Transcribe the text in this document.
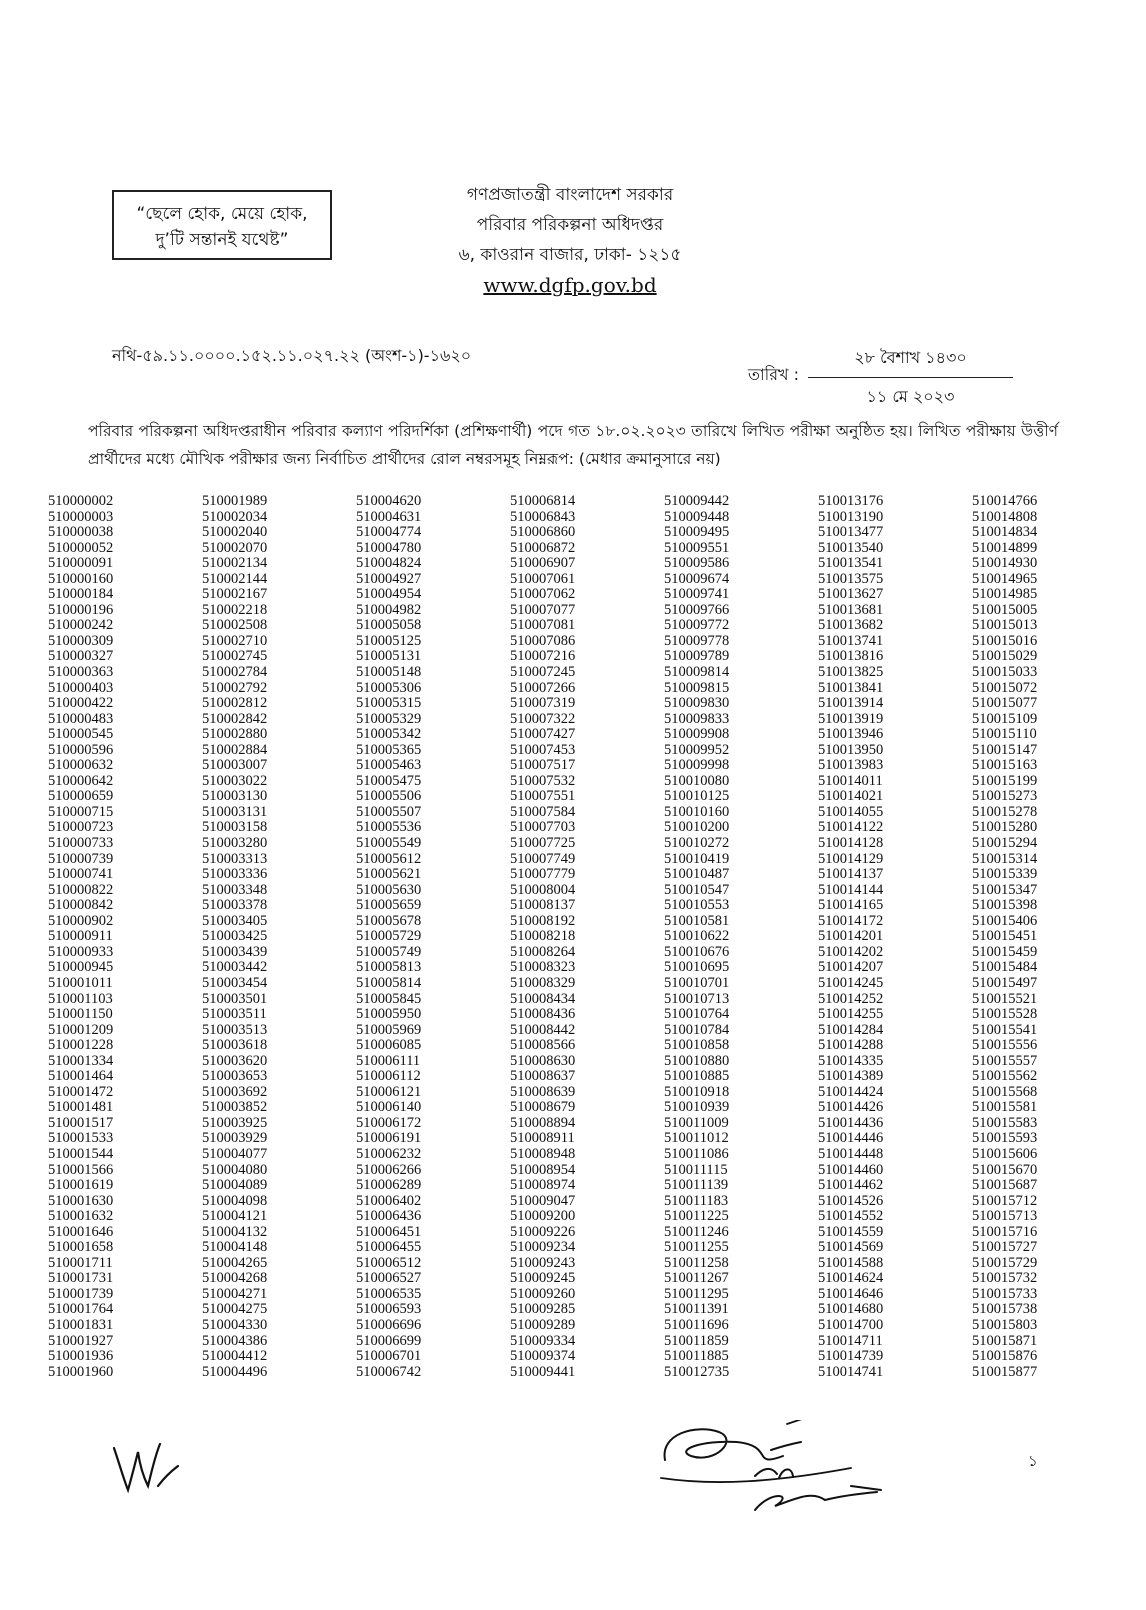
“ছেলে হোক, মেয়ে হোক,
দু’টি সন্তানই যথেষ্ট”
গণপ্রজাতন্ত্রী বাংলাদেশ সরকার
পরিবার পরিকল্পনা অধিদপ্তর
৬, কাওরান বাজার, ঢাকা- ১২১৫
www.dgfp.gov.bd
নথি-৫৯.১১.০০০০.১৫২.১১.০২৭.২২ (অংশ-১)-১৬২০
তারিখ :
২৮ বৈশাখ ১৪৩০
১১ মে ২০২৩
পরিবার পরিকল্পনা অধিদপ্তরাধীন পরিবার কল্যাণ পরিদর্শিকা (প্রশিক্ষণার্থী) পদে গত ১৮.০২.২০২৩ তারিখে লিখিত পরীক্ষা অনুষ্ঠিত হয়। লিখিত পরীক্ষায় উত্তীর্ণ প্রার্থীদের মধ্যে মৌখিক পরীক্ষার জন্য নির্বাচিত প্রার্থীদের রোল নম্বরসমূহ নিম্নরূপ: (মেধার ক্রমানুসারে নয়)
510000002
510000003
510000038
510000052
510000091
510000160
510000184
510000196
510000242
510000309
510000327
510000363
510000403
510000422
510000483
510000545
510000596
510000632
510000642
510000659
510000715
510000723
510000733
510000739
510000741
510000822
510000842
510000902
510000911
510000933
510000945
510001011
510001103
510001150
510001209
510001228
510001334
510001464
510001472
510001481
510001517
510001533
510001544
510001566
510001619
510001630
510001632
510001646
510001658
510001711
510001731
510001739
510001764
510001831
510001927
510001936
510001960
510001989
510002034
510002040
510002070
510002134
510002144
510002167
510002218
510002508
510002710
510002745
510002784
510002792
510002812
510002842
510002880
510002884
510003007
510003022
510003130
510003131
510003158
510003280
510003313
510003336
510003348
510003378
510003405
510003425
510003439
510003442
510003454
510003501
510003511
510003513
510003618
510003620
510003653
510003692
510003852
510003925
510003929
510004077
510004080
510004089
510004098
510004121
510004132
510004148
510004265
510004268
510004271
510004275
510004330
510004386
510004412
510004496
510004620
510004631
510004774
510004780
510004824
510004927
510004954
510004982
510005058
510005125
510005131
510005148
510005306
510005315
510005329
510005342
510005365
510005463
510005475
510005506
510005507
510005536
510005549
510005612
510005621
510005630
510005659
510005678
510005729
510005749
510005813
510005814
510005845
510005950
510005969
510006085
510006111
510006112
510006121
510006140
510006172
510006191
510006232
510006266
510006289
510006402
510006436
510006451
510006455
510006512
510006527
510006535
510006593
510006696
510006699
510006701
510006742
510006814
510006843
510006860
510006872
510006907
510007061
510007062
510007077
510007081
510007086
510007216
510007245
510007266
510007319
510007322
510007427
510007453
510007517
510007532
510007551
510007584
510007703
510007725
510007749
510007779
510008004
510008137
510008192
510008218
510008264
510008323
510008329
510008434
510008436
510008442
510008566
510008630
510008637
510008639
510008679
510008894
510008911
510008948
510008954
510008974
510009047
510009200
510009226
510009234
510009243
510009245
510009260
510009285
510009289
510009334
510009374
510009441
510009442
510009448
510009495
510009551
510009586
510009674
510009741
510009766
510009772
510009778
510009789
510009814
510009815
510009830
510009833
510009908
510009952
510009998
510010080
510010125
510010160
510010200
510010272
510010419
510010487
510010547
510010553
510010581
510010622
510010676
510010695
510010701
510010713
510010764
510010784
510010858
510010880
510010885
510010918
510010939
510011009
510011012
510011086
510011115
510011139
510011183
510011225
510011246
510011255
510011258
510011267
510011295
510011391
510011696
510011859
510011885
510012735
510013176
510013190
510013477
510013540
510013541
510013575
510013627
510013681
510013682
510013741
510013816
510013825
510013841
510013914
510013919
510013946
510013950
510013983
510014011
510014021
510014055
510014122
510014128
510014129
510014137
510014144
510014165
510014172
510014201
510014202
510014207
510014245
510014252
510014255
510014284
510014288
510014335
510014389
510014424
510014426
510014436
510014446
510014448
510014460
510014462
510014526
510014552
510014559
510014569
510014588
510014624
510014646
510014680
510014700
510014711
510014739
510014741
510014766
510014808
510014834
510014899
510014930
510014965
510014985
510015005
510015013
510015016
510015029
510015033
510015072
510015077
510015109
510015110
510015147
510015163
510015199
510015273
510015278
510015280
510015294
510015314
510015339
510015347
510015398
510015406
510015451
510015459
510015484
510015497
510015521
510015528
510015541
510015556
510015557
510015562
510015568
510015581
510015583
510015593
510015606
510015670
510015687
510015712
510015713
510015716
510015727
510015729
510015732
510015733
510015738
510015803
510015871
510015876
510015877
১
